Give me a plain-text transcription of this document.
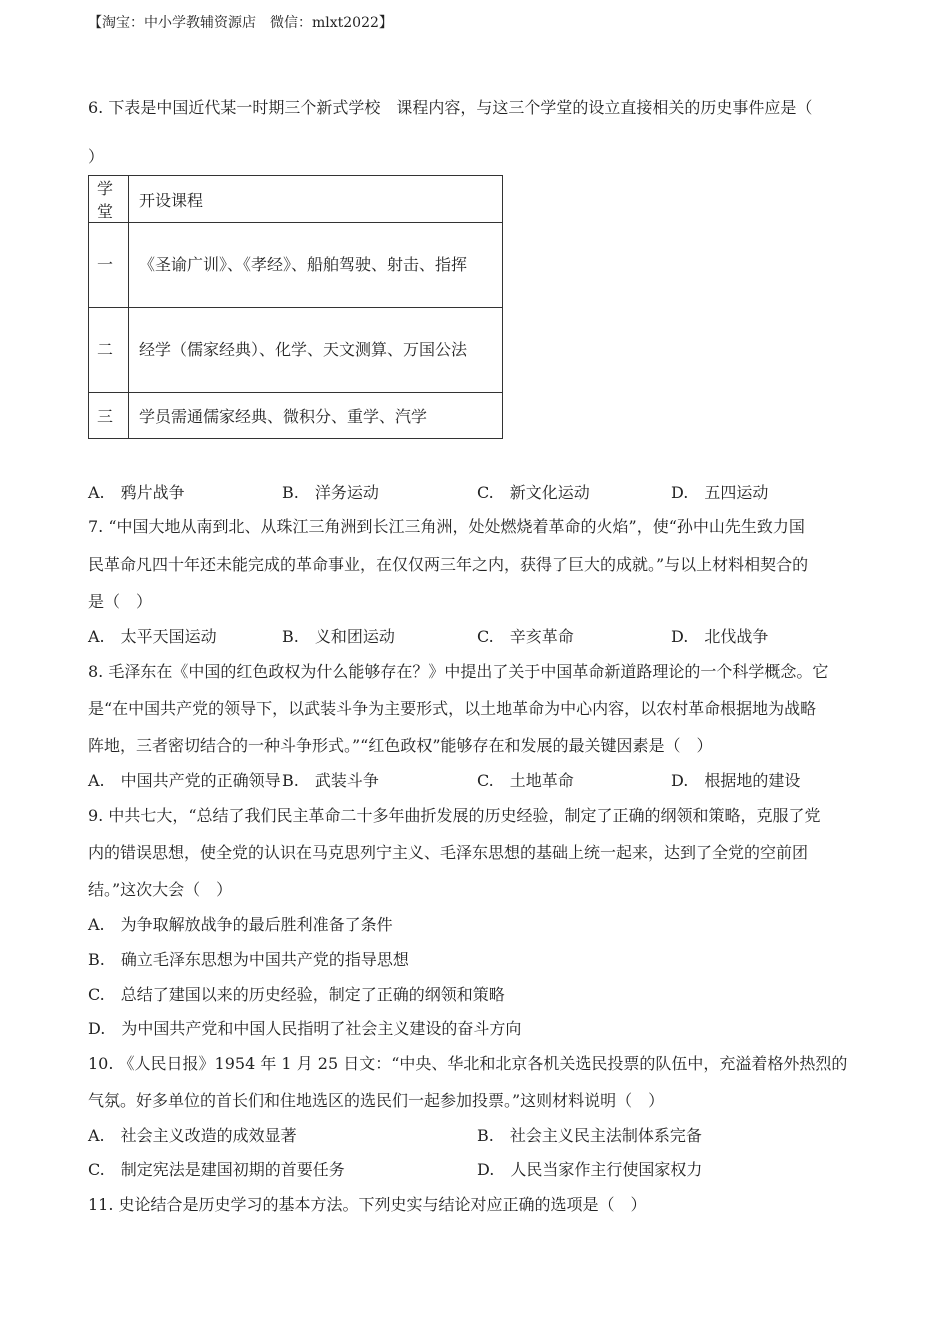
【淘宝：中小学教辅资源店　微信：mlxt2022】
6. 下表是中国近代某一时期三个新式学校　课程内容，与这三个学堂的设立直接相关的历史事件应是（
）
学堂	开设课程
一	《圣谕广训》、《孝经》、船舶驾驶、射击、指挥
二	经学（儒家经典）、化学、天文测算、万国公法
三	学员需通儒家经典、微积分、重学、汽学
A.　鸦片战争	B.　洋务运动	C.　新文化运动	D.　五四运动
7. “中国大地从南到北、从珠江三角洲到长江三角洲，处处燃烧着革命的火焰”，使“孙中山先生致力国
民革命凡四十年还未能完成的革命事业，在仅仅两三年之内，获得了巨大的成就。”与以上材料相契合的
是（　）
A.　太平天国运动	B.　义和团运动	C.　辛亥革命	D.　北伐战争
8. 毛泽东在《中国的红色政权为什么能够存在？》中提出了关于中国革命新道路理论的一个科学概念。它
是“在中国共产党的领导下，以武装斗争为主要形式，以土地革命为中心内容，以农村革命根据地为战略
阵地，三者密切结合的一种斗争形式。”“红色政权”能够存在和发展的最关键因素是（　）
A.　中国共产党的正确领导 B.　武装斗争	C.　土地革命	D.　根据地的建设
9. 中共七大，“总结了我们民主革命二十多年曲折发展的历史经验，制定了正确的纲领和策略，克服了党
内的错误思想，使全党的认识在马克思列宁主义、毛泽东思想的基础上统一起来，达到了全党的空前团
结。”这次大会（　）
A.　为争取解放战争的最后胜利准备了条件
B.　确立毛泽东思想为中国共产党的指导思想
C.　总结了建国以来的历史经验，制定了正确的纲领和策略
D.　为中国共产党和中国人民指明了社会主义建设的奋斗方向
10. 《人民日报》1954 年 1 月 25 日文：“中央、华北和北京各机关选民投票的队伍中，充溢着格外热烈的
气氛。好多单位的首长们和住地选区的选民们一起参加投票。”这则材料说明（　）
A.　社会主义改造的成效显著	B.　社会主义民主法制体系完备
C.　制定宪法是建国初期的首要任务	D.　人民当家作主行使国家权力
11. 史论结合是历史学习的基本方法。下列史实与结论对应正确的选项是（　）
